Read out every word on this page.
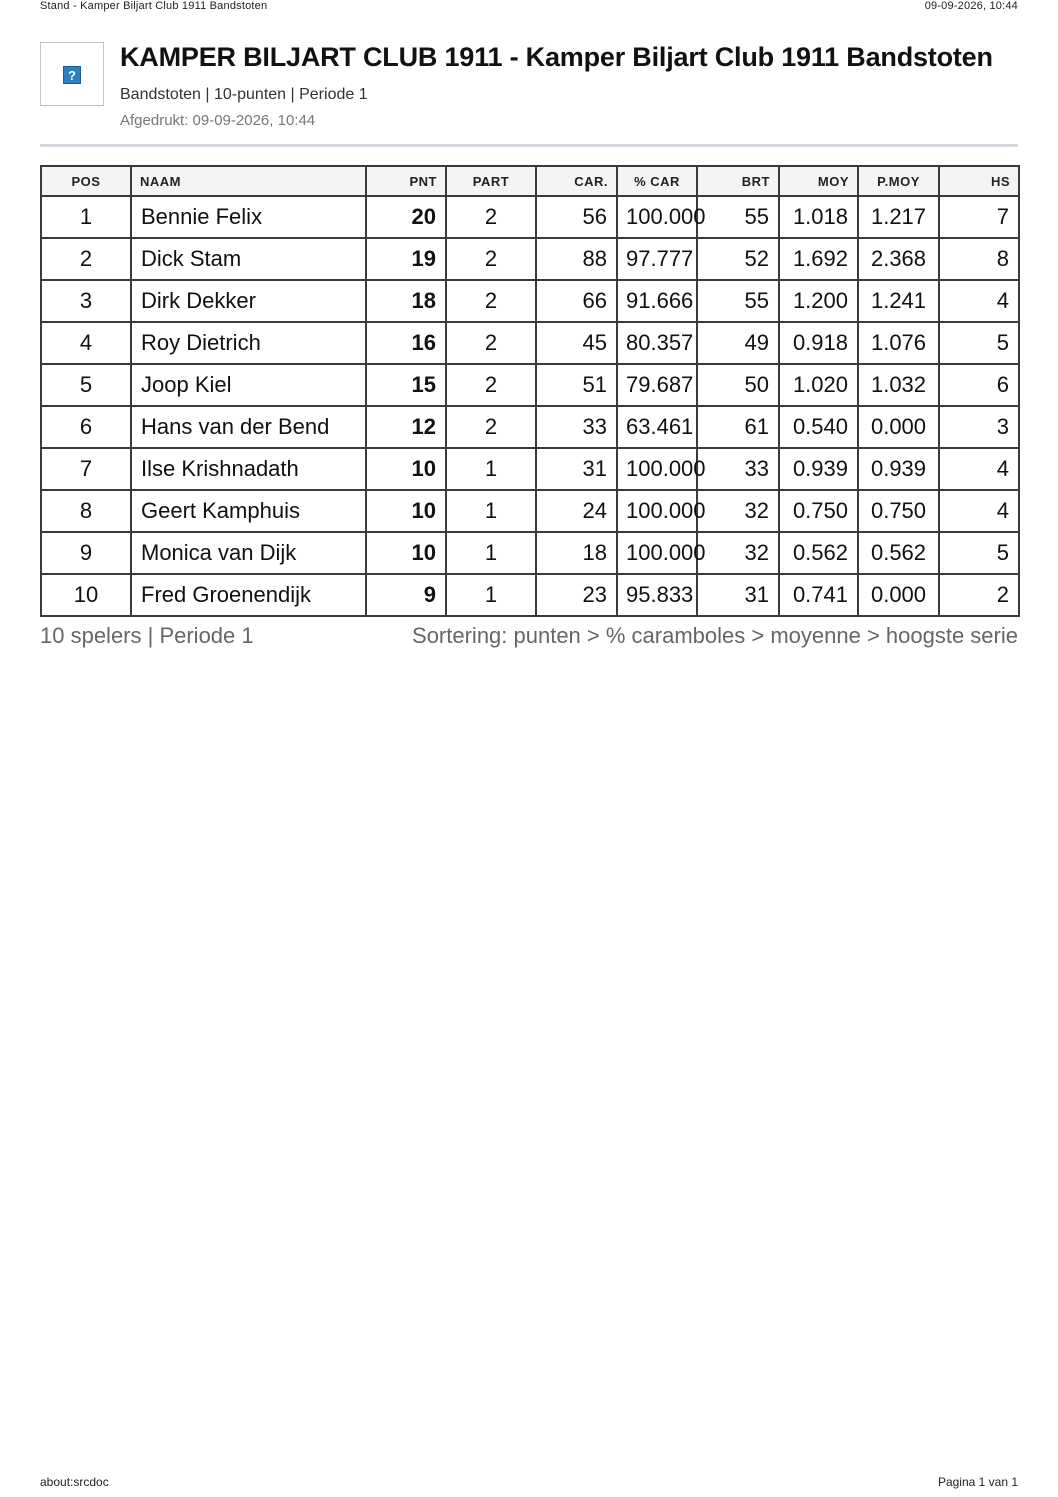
Stand - Kamper Biljart Club 1911 Bandstoten	09-09-2026, 10:44
?
KAMPER BILJART CLUB 1911 - Kamper Biljart Club 1911 Bandstoten
Bandstoten | 10-punten | Periode 1
Afgedrukt: 09-09-2026, 10:44
POS	NAAM	PNT	PART	CAR.	% CAR	BRT	MOY	P.MOY	HS
1	Bennie Felix	20	2	56	100.000	55	1.018	1.217	7
2	Dick Stam	19	2	88	97.777	52	1.692	2.368	8
3	Dirk Dekker	18	2	66	91.666	55	1.200	1.241	4
4	Roy Dietrich	16	2	45	80.357	49	0.918	1.076	5
5	Joop Kiel	15	2	51	79.687	50	1.020	1.032	6
6	Hans van der Bend	12	2	33	63.461	61	0.540	0.000	3
7	Ilse Krishnadath	10	1	31	100.000	33	0.939	0.939	4
8	Geert Kamphuis	10	1	24	100.000	32	0.750	0.750	4
9	Monica van Dijk	10	1	18	100.000	32	0.562	0.562	5
10	Fred Groenendijk	9	1	23	95.833	31	0.741	0.000	2
10 spelers | Periode 1	Sortering: punten > % caramboles > moyenne > hoogste serie
about:srcdoc	Pagina 1 van 1
